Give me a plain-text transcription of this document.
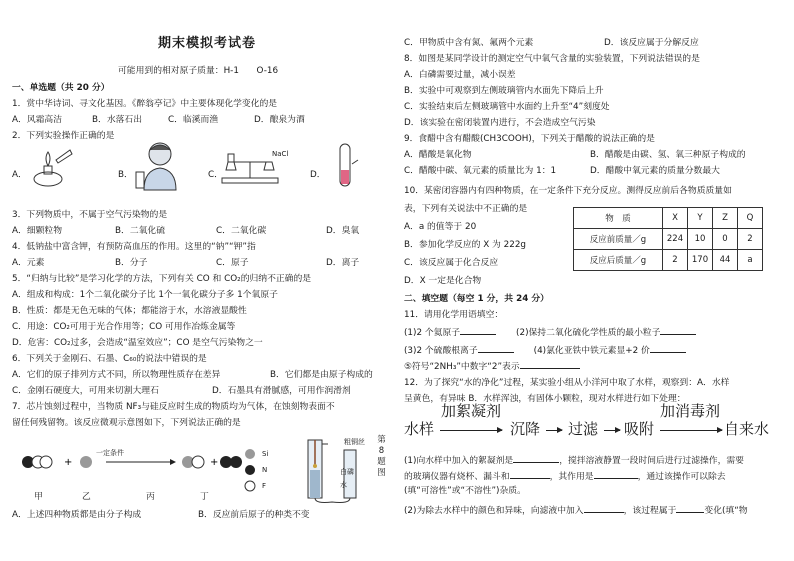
期末模拟考试卷
可能用到的相对原子质量：H-1　　O-16
一、单选题（共 20 分）
1．赏中华诗词、寻文化基因。《醉翁亭记》中主要体现化学变化的是
A．风霜高洁	B．水落石出	C．临溪而渔	D．酿泉为酒
2．下列实验操作正确的是
A．	B．	C．
NaCl
D．
3．下列物质中，不属于空气污染物的是
A．细颗粒物	B．二氧化硫	C．二氧化碳	D．臭氧
4．低钠盐中富含钾，有预防高血压的作用。这里的“钠”“钾”指
A．元素	B．分子	C．原子	D．离子
5．“归纳与比较”是学习化学的方法，下列有关 CO 和 CO₂的归纳不正确的是
A．组成和构成：1个二氧化碳分子比 1个一氧化碳分子多 1个氧原子
B．性质：都是无色无味的气体；都能溶于水，水溶液显酸性
C．用途：CO₂可用于光合作用等；CO 可用作冶炼金属等
D．危害：CO₂过多，会造成“温室效应”；CO 是空气污染物之一
6．下列关于金刚石、石墨、C₆₀的说法中错误的是
A．它们的原子排列方式不同，所以物理性质存在差异	B．它们都是由原子构成的
C．金刚石硬度大，可用来切割大理石	D．石墨具有滑腻感，可用作润滑剂
7．芯片蚀刻过程中，当物质 NF₃与硅反应时生成的物质均为气体，在蚀刻物表面不
留任何残留物。该反应微观示意图如下，下列说法正确的是
+	+
一定条件	Si
N
F
甲	乙	丙	丁
粗铜丝
白磷
水
第8题图
A．上述四种物质都是由分子构成	B．反应前后原子的种类不变
C．甲物质中含有氮、氟两个元素	D．该反应属于分解反应
8．如图是某同学设计的测定空气中氧气含量的实验装置，下列说法错误的是
A．白磷需要过量，减小误差
B．实验中可观察到左侧玻璃管内水面先下降后上升
C．实验结束后左侧玻璃管中水面约上升至“4”刻度处
D．该实验在密闭装置内进行，不会造成空气污染
9．食醋中含有醋酸(CH3COOH)，下列关于醋酸的说法正确的是
A．醋酸是氧化物	B．醋酸是由碳、氢、氧三种原子构成的
C．醋酸中碳、氧元素的质量比为 1：1	D．醋酸中氧元素的质量分数最大
10．某密闭容器内有四种物质，在一定条件下充分反应。测得反应前后各物质质量如
表，下列有关说法中不正确的是
A．a 的值等于 20
B．参加化学反应的 X 为 222g
C．该反应属于化合反应
D．X 一定是化合物
物　质	X	Y	Z	Q
反应前质量／g	224	10	0	2
反应后质量／g	2	170	44	a
二、填空题（每空 1 分，共 24 分）
11．请用化学用语填空：
(1)2 个氦原子	(2)保持二氧化硫化学性质的最小粒子
(3)2 个硫酸根离子	(4)氯化亚铁中铁元素显+2 价
⑤符号“2NH₃”中数字“2”表示
12．为了探究“水的净化”过程，某实验小组从小洋河中取了水样，观察到：A．水样
呈黄色，有异味 B．水样浑浊，有固体小颗粒，现对水样进行如下处理：
加絮凝剂	加消毒剂
水样	沉降 过滤 吸附	自来水
(1)向水样中加入的絮凝剂是	，搅拌溶液静置一段时间后进行过滤操作，需要
的玻璃仪器有烧杯、漏斗和	，其作用是	，通过该操作可以除去
(填“可溶性”或“不溶性”)杂质。
(2)为除去水样中的颜色和异味，向滤液中加入	，该过程属于	变化(填“物
